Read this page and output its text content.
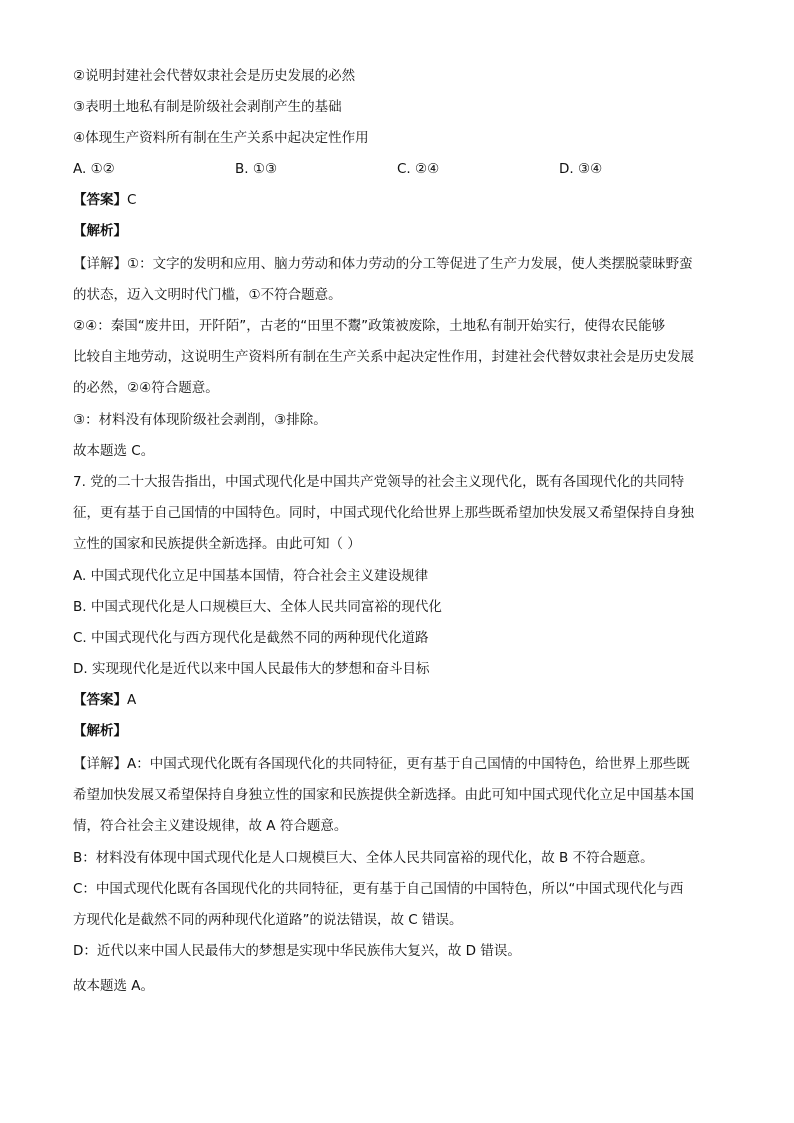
②说明封建社会代替奴隶社会是历史发展的必然
③表明土地私有制是阶级社会剥削产生的基础
④体现生产资料所有制在生产关系中起决定性作用
A. ①②	B. ①③	C. ②④	D. ③④
【答案】C
【解析】
【详解】①：文字的发明和应用、脑力劳动和体力劳动的分工等促进了生产力发展，使人类摆脱蒙昧野蛮
的状态，迈入文明时代门槛，①不符合题意。
②④：秦国“废井田，开阡陌”，古老的“田里不鬻”政策被废除，土地私有制开始实行，使得农民能够
比较自主地劳动，这说明生产资料所有制在生产关系中起决定性作用，封建社会代替奴隶社会是历史发展
的必然，②④符合题意。
③：材料没有体现阶级社会剥削，③排除。
故本题选 C。
7. 党的二十大报告指出，中国式现代化是中国共产党领导的社会主义现代化，既有各国现代化的共同特
征，更有基于自己国情的中国特色。同时，中国式现代化给世界上那些既希望加快发展又希望保持自身独
立性的国家和民族提供全新选择。由此可知（ ）
A. 中国式现代化立足中国基本国情，符合社会主义建设规律
B. 中国式现代化是人口规模巨大、全体人民共同富裕的现代化
C. 中国式现代化与西方现代化是截然不同的两种现代化道路
D. 实现现代化是近代以来中国人民最伟大的梦想和奋斗目标
【答案】A
【解析】
【详解】A：中国式现代化既有各国现代化的共同特征，更有基于自己国情的中国特色，给世界上那些既
希望加快发展又希望保持自身独立性的国家和民族提供全新选择。由此可知中国式现代化立足中国基本国
情，符合社会主义建设规律，故 A 符合题意。
B：材料没有体现中国式现代化是人口规模巨大、全体人民共同富裕的现代化，故 B 不符合题意。
C：中国式现代化既有各国现代化的共同特征，更有基于自己国情的中国特色，所以“中国式现代化与西
方现代化是截然不同的两种现代化道路”的说法错误，故 C 错误。
D：近代以来中国人民最伟大的梦想是实现中华民族伟大复兴，故 D 错误。
故本题选 A。
